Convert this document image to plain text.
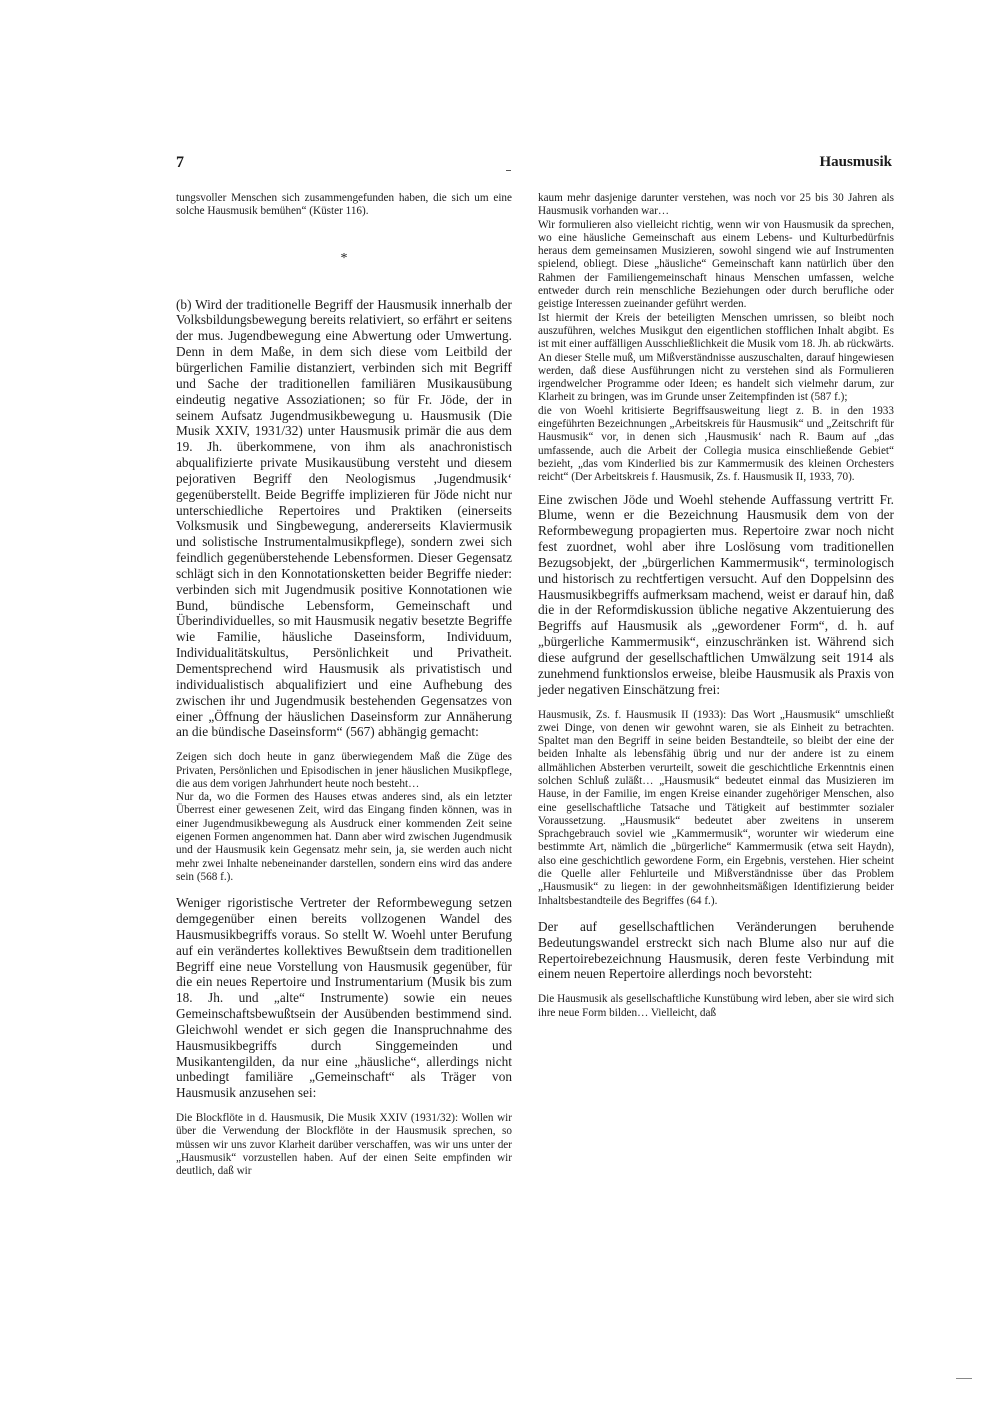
7	Hausmusik

tungsvoller Menschen sich zusammengefunden haben, die sich um eine solche Hausmusik bemühen“ (Küster 116).

*

(b) Wird der traditionelle Begriff der Hausmusik innerhalb der Volksbildungsbewegung bereits relativiert, so erfährt er seitens der mus. Jugendbewegung eine Abwertung oder Umwertung. Denn in dem Maße, in dem sich diese vom Leitbild der bürgerlichen Familie distanziert, verbinden sich mit Begriff und Sache der traditionellen familiären Musikausübung eindeutig negative Assoziationen; so für Fr. Jöde, der in seinem Aufsatz Jugendmusikbewegung u. Hausmusik (Die Musik XXIV, 1931/32) unter Hausmusik primär die aus dem 19. Jh. überkommene, von ihm als anachronistisch abqualifizierte private Musikausübung versteht und diesem pejorativen Begriff den Neologismus ‚Jugendmusik‘ gegenüberstellt. Beide Begriffe implizieren für Jöde nicht nur unterschiedliche Repertoires und Praktiken (einerseits Volksmusik und Singbewegung, andererseits Klaviermusik und solistische Instrumentalmusikpflege), sondern zwei sich feindlich gegenüberstehende Lebensformen. Dieser Gegensatz schlägt sich in den Konnotationsketten beider Begriffe nieder: verbinden sich mit Jugendmusik positive Konnotationen wie Bund, bündische Lebensform, Gemeinschaft und Überindividuelles, so mit Hausmusik negativ besetzte Begriffe wie Familie, häusliche Daseinsform, Individuum, Individualitätskultus, Persönlichkeit und Privatheit. Dementsprechend wird Hausmusik als privatistisch und individualistisch abqualifiziert und eine Aufhebung des zwischen ihr und Jugendmusik bestehenden Gegensatzes von einer „Öffnung der häuslichen Daseinsform zur Annäherung an die bündische Daseinsform“ (567) abhängig gemacht:

Zeigen sich doch heute in ganz überwiegendem Maß die Züge des Privaten, Persönlichen und Episodischen in jener häuslichen Musikpflege, die aus dem vorigen Jahrhundert heute noch besteht…

Nur da, wo die Formen des Hauses etwas anderes sind, als ein letzter Überrest einer gewesenen Zeit, wird das Eingang finden können, was in einer Jugendmusikbewegung als Ausdruck einer kommenden Zeit seine eigenen Formen angenommen hat. Dann aber wird zwischen Jugendmusik und der Hausmusik kein Gegensatz mehr sein, ja, sie werden auch nicht mehr zwei Inhalte nebeneinander darstellen, sondern eins wird das andere sein (568 f.).

Weniger rigoristische Vertreter der Reformbewegung setzen demgegenüber einen bereits vollzogenen Wandel des Hausmusikbegriffs voraus. So stellt W. Woehl unter Berufung auf ein verändertes kollektives Bewußtsein dem traditionellen Begriff eine neue Vorstellung von Hausmusik gegenüber, für die ein neues Repertoire und Instrumentarium (Musik bis zum 18. Jh. und „alte“ Instrumente) sowie ein neues Gemeinschaftsbewußtsein der Ausübenden bestimmend sind. Gleichwohl wendet er sich gegen die Inanspruchnahme des Hausmusikbegriffs durch Singgemeinden und Musikantengilden, da nur eine „häusliche“, allerdings nicht unbedingt familiäre „Gemeinschaft“ als Träger von Hausmusik anzusehen sei:

Die Blockflöte in d. Hausmusik, Die Musik XXIV (1931/32): Wollen wir über die Verwendung der Blockflöte in der Hausmusik sprechen, so müssen wir uns zuvor Klarheit darüber verschaffen, was wir uns unter der „Hausmusik“ vorzustellen haben. Auf der einen Seite empfinden wir deutlich, daß wir

kaum mehr dasjenige darunter verstehen, was noch vor 25 bis 30 Jahren als Hausmusik vorhanden war…

Wir formulieren also vielleicht richtig, wenn wir von Hausmusik da sprechen, wo eine häusliche Gemeinschaft aus einem Lebens- und Kulturbedürfnis heraus dem gemeinsamen Musizieren, sowohl singend wie auf Instrumenten spielend, obliegt. Diese „häusliche“ Gemeinschaft kann natürlich über den Rahmen der Familiengemeinschaft hinaus Menschen umfassen, welche entweder durch rein menschliche Beziehungen oder durch berufliche oder geistige Interessen zueinander geführt werden.

Ist hiermit der Kreis der beteiligten Menschen umrissen, so bleibt noch auszuführen, welches Musikgut den eigentlichen stofflichen Inhalt abgibt. Es ist mit einer auffälligen Ausschließlichkeit die Musik vom 18. Jh. ab rückwärts.

An dieser Stelle muß, um Mißverständnisse auszuschalten, darauf hingewiesen werden, daß diese Ausführungen nicht zu verstehen sind als Formulieren irgendwelcher Programme oder Ideen; es handelt sich vielmehr darum, zur Klarheit zu bringen, was im Grunde unser Zeitempfinden ist (587 f.);

die von Woehl kritisierte Begriffsausweitung liegt z. B. in den 1933 eingeführten Bezeichnungen „Arbeitskreis für Hausmusik“ und „Zeitschrift für Hausmusik“ vor, in denen sich ‚Hausmusik‘ nach R. Baum auf „das umfassende, auch die Arbeit der Collegia musica einschließende Gebiet“ bezieht, „das vom Kinderlied bis zur Kammermusik des kleinen Orchesters reicht“ (Der Arbeitskreis f. Hausmusik, Zs. f. Hausmusik II, 1933, 70).

Eine zwischen Jöde und Woehl stehende Auffassung vertritt Fr. Blume, wenn er die Bezeichnung Hausmusik dem von der Reformbewegung propagierten mus. Repertoire zwar noch nicht fest zuordnet, wohl aber ihre Loslösung vom traditionellen Bezugsobjekt, der „bürgerlichen Kammermusik“, terminologisch und historisch zu rechtfertigen versucht. Auf den Doppelsinn des Hausmusikbegriffs aufmerksam machend, weist er darauf hin, daß die in der Reformdiskussion übliche negative Akzentuierung des Begriffs auf Hausmusik als „gewordener Form“, d. h. auf „bürgerliche Kammermusik“, einzuschränken ist. Während sich diese aufgrund der gesellschaftlichen Umwälzung seit 1914 als zunehmend funktionslos erweise, bleibe Hausmusik als Praxis von jeder negativen Einschätzung frei:

Hausmusik, Zs. f. Hausmusik II (1933): Das Wort „Hausmusik“ umschließt zwei Dinge, von denen wir gewohnt waren, sie als Einheit zu betrachten. Spaltet man den Begriff in seine beiden Bestandteile, so bleibt der eine der beiden Inhalte als lebensfähig übrig und nur der andere ist zu einem allmählichen Absterben verurteilt, soweit die geschichtliche Erkenntnis einen solchen Schluß zuläßt… „Hausmusik“ bedeutet einmal das Musizieren im Hause, in der Familie, im engen Kreise einander zugehöriger Menschen, also eine gesellschaftliche Tatsache und Tätigkeit auf bestimmter sozialer Voraussetzung. „Hausmusik“ bedeutet aber zweitens in unserem Sprachgebrauch soviel wie „Kammermusik“, worunter wir wiederum eine bestimmte Art, nämlich die „bürgerliche“ Kammermusik (etwa seit Haydn), also eine geschichtlich gewordene Form, ein Ergebnis, verstehen. Hier scheint die Quelle aller Fehlurteile und Mißverständnisse über das Problem „Hausmusik“ zu liegen: in der gewohnheitsmäßigen Identifizierung beider Inhaltsbestandteile des Begriffes (64 f.).

Der auf gesellschaftlichen Veränderungen beruhende Bedeutungswandel erstreckt sich nach Blume also nur auf die Repertoirebezeichnung Hausmusik, deren feste Verbindung mit einem neuen Repertoire allerdings noch bevorsteht:

Die Hausmusik als gesellschaftliche Kunstübung wird leben, aber sie wird sich ihre neue Form bilden… Vielleicht, daß
